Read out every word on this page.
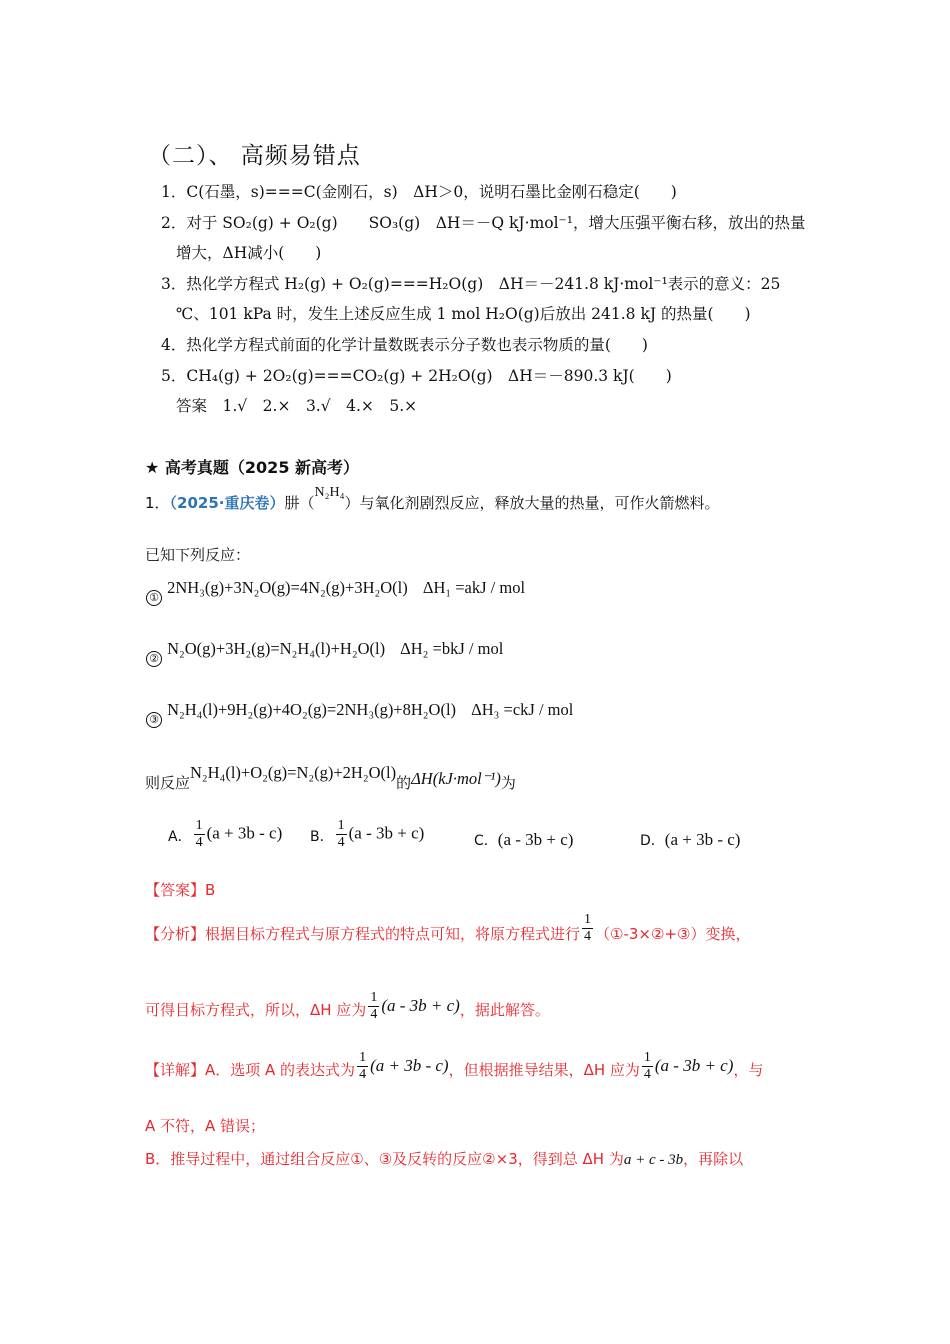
（二）、 高频易错点
1．C(石墨，s)===C(金刚石，s)　ΔH＞0，说明石墨比金刚石稳定(　　)
2．对于 SO₂(g) + O₂(g)　　SO₃(g)　ΔH＝－Q kJ·mol⁻¹，增大压强平衡右移，放出的热量
增大，ΔH减小(　　)
3．热化学方程式 H₂(g) + O₂(g)===H₂O(g)　ΔH＝－241.8 kJ·mol⁻¹表示的意义：25
℃、101 kPa 时，发生上述反应生成 1 mol H₂O(g)后放出 241.8 kJ 的热量(　　)
4．热化学方程式前面的化学计量数既表示分子数也表示物质的量(　　)
5．CH₄(g) + 2O₂(g)===CO₂(g) + 2H₂O(g)　ΔH＝－890.3 kJ(　　)
答案　1.√　2.×　3.√　4.×　5.×
★ 高考真题（2025 新高考）
1．（2025·重庆卷）肼（N₂H₄）与氧化剂剧烈反应，释放大量的热量，可作火箭燃料。
已知下列反应：
① 2NH₃(g)+3N₂O(g)=4N₂(g)+3H₂O(l) ΔH₁ =akJ / mol
② N₂O(g)+3H₂(g)=N₂H₄(l)+H₂O(l) ΔH₂ =bkJ / mol
③ N₂H₄(l)+9H₂(g)+4O₂(g)=2NH₃(g)+8H₂O(l) ΔH₃ =ckJ / mol
则反应N₂H₄(l)+O₂(g)=N₂(g)+2H₂O(l)的ΔH(kJ·mol⁻¹)为
A． $\frac{1}{4} (a + 3b - c)$ B． $\frac{1}{4} (a - 3b + c)$	C．(a - 3b + c)	D．(a + 3b - c)
【答案】B
【分析】根据目标方程式与原方程式的特点可知，将原方程式进行 $\frac{1}{4}$ （①-3×②+③）变换，
可得目标方程式，所以，ΔH 应为 $\frac{1}{4} (a - 3b + c)$，据此解答。
【详解】A．选项 A 的表达式为 $\frac{1}{4} (a + 3b - c)$，但根据推导结果，ΔH 应为 $\frac{1}{4} (a - 3b + c)$，与
A 不符，A 错误；
B．推导过程中，通过组合反应①、③及反转的反应②×3，得到总 ΔH 为a + c - 3b，再除以
